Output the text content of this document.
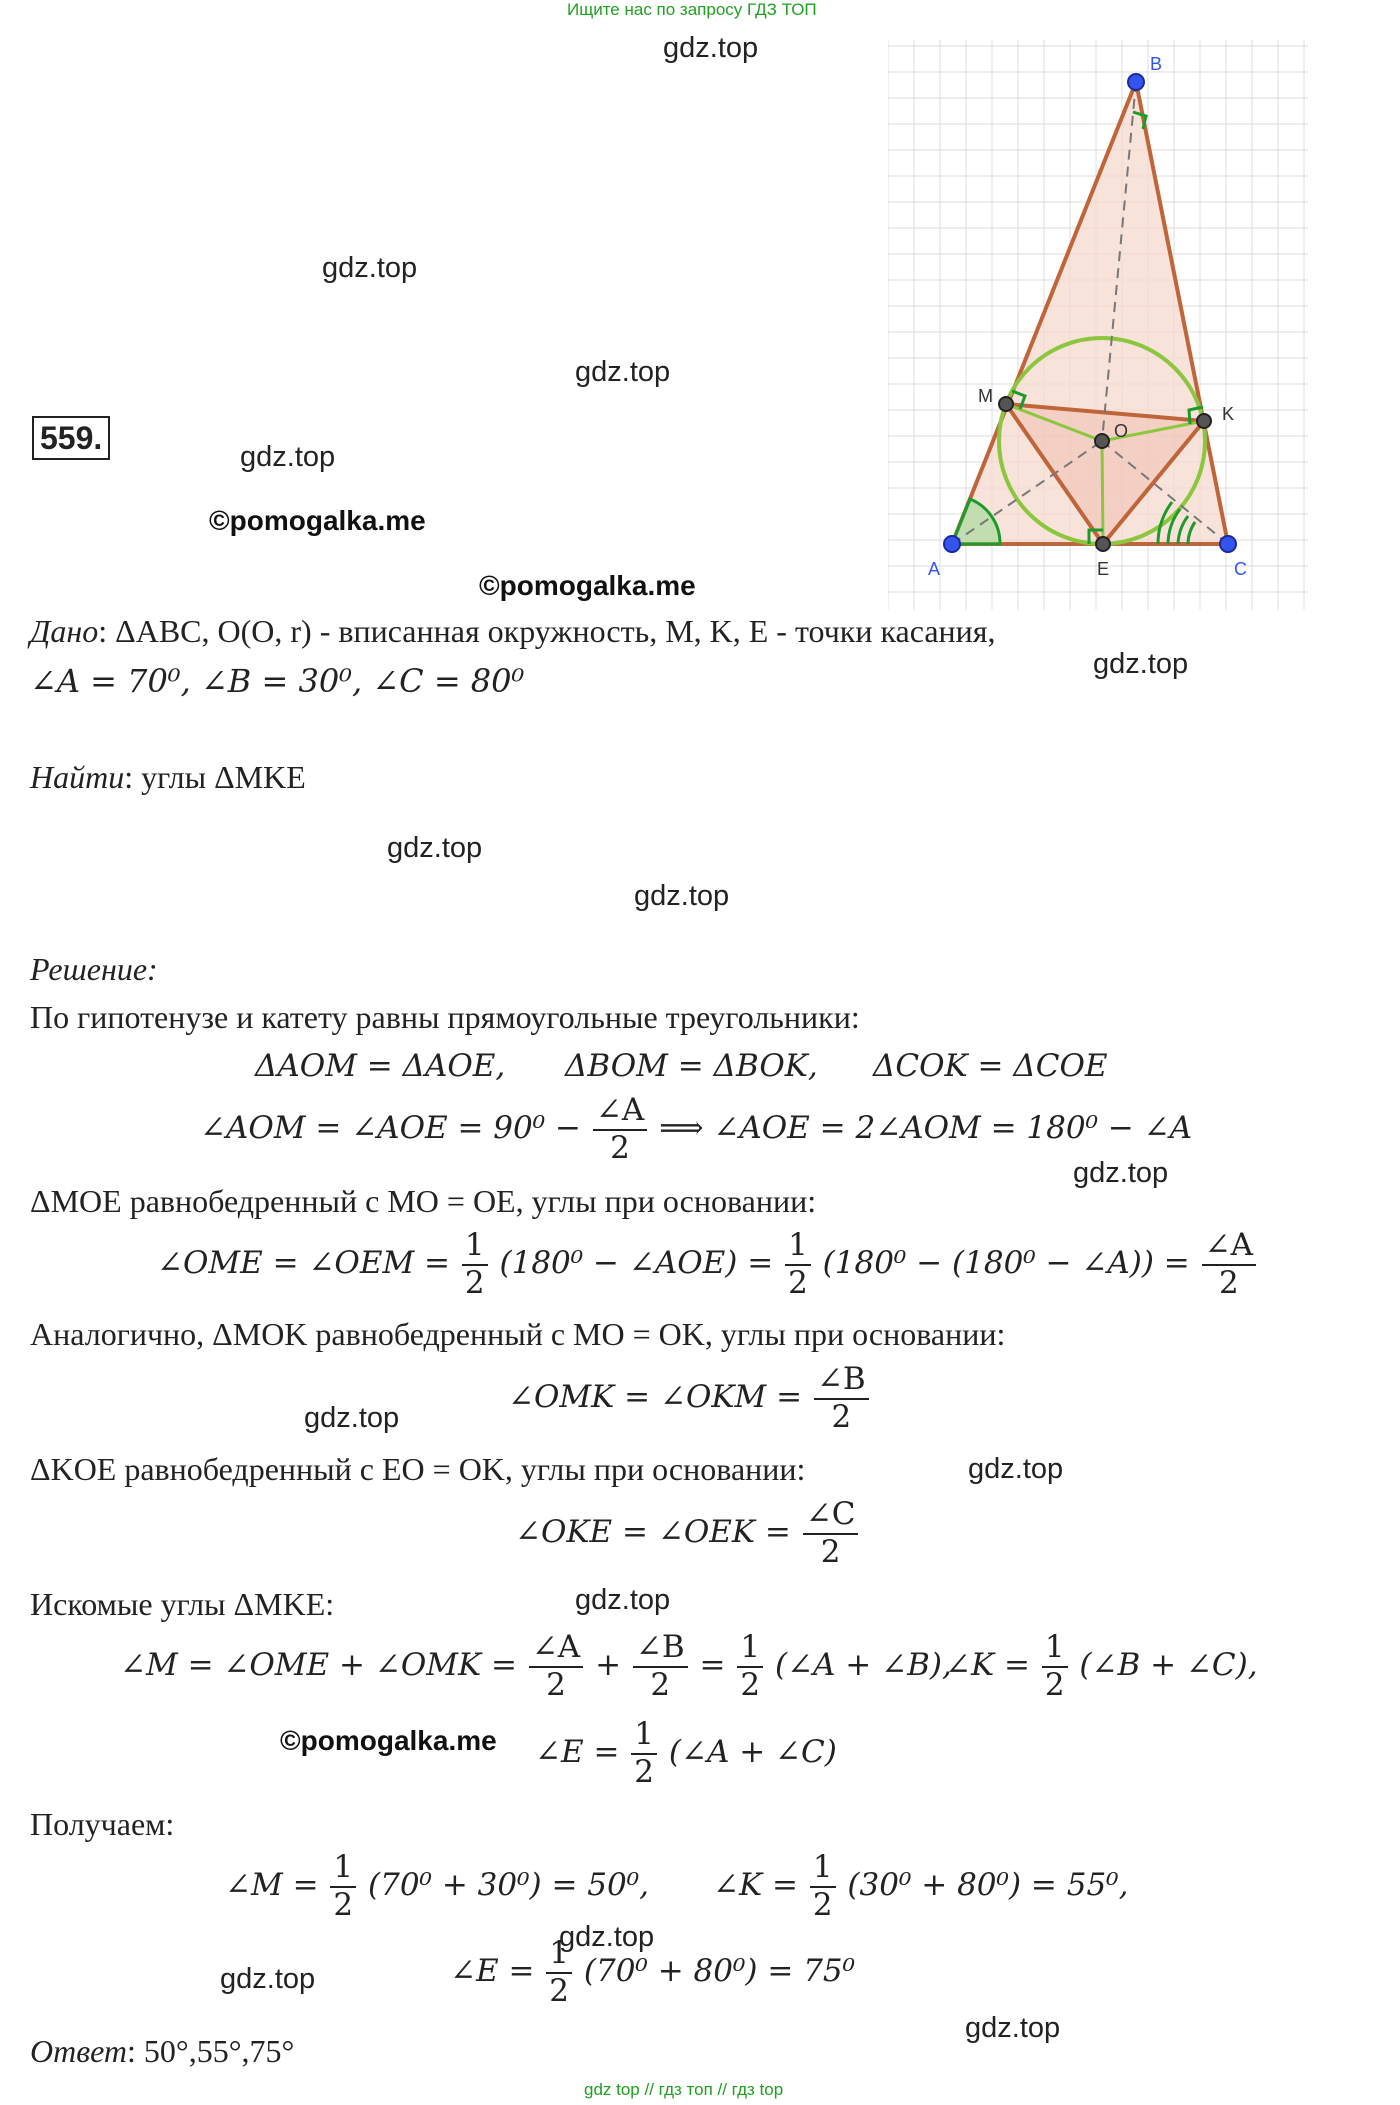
Ищите нас по запросу ГДЗ ТОП
gdz.top
gdz.top
gdz.top
gdz.top
gdz.top
gdz.top
gdz.top
gdz.top
gdz.top
gdz.top
gdz.top
gdz.top
gdz.top
gdz.top
©pomogalka.me
©pomogalka.me
©pomogalka.me
559.
A
B
C
M
K
E
O
Дано: ΔABC, O(O, r) - вписанная окружность, M, K, E - точки касания,
∠A = 70⁰, ∠B = 30⁰, ∠C = 80⁰
Найти: углы ΔMKE
Решение:
По гипотенузе и катету равны прямоугольные треугольники:
ΔAOM = ΔAOE, ΔBOM = ΔBOK, ΔCOK = ΔCOE
∠AOM = ∠AOE = $90^0 - \frac{\angle A}{2}$ ⟹ ∠AOE = 2∠AOM = 180⁰ − ∠A
ΔMOE равнобедренный с MO = OE, углы при основании:
∠OME = ∠OEM = $\frac{1}{2} (180^0$ − ∠AOE) = $\frac{1}{2} (180^0 - (180^0$ − ∠A)) = $\frac{\angle A}{2}$
Аналогично, ΔMOK равнобедренный с MO = OK, углы при основании:
∠OMK = ∠OKM = $\frac{\angle B}{2}$
ΔKOE равнобедренный с EO = OK, углы при основании:
∠OKE = ∠OEK = $\frac{\angle C}{2}$
Искомые углы ΔMKE:
∠M = ∠OME + ∠OMK = $\frac{\angle A}{2} + \frac{\angle B}{2} = \frac{1}{2}$ (∠A + ∠B),
∠K = $\frac{1}{2}$ (∠B + ∠C),
∠E = $\frac{1}{2}$ (∠A + ∠C)
Получаем:
∠M = $\frac{1}{2} (70^0 + 30^0) = 50^0$, ∠K = $\frac{1}{2} (30^0 + 80^0) = 55^0$,
∠E = $\frac{1}{2} (70^0 + 80^0) = 75^0$
Ответ: 50°,55°,75°
gdz top // гдз топ // гдз top
